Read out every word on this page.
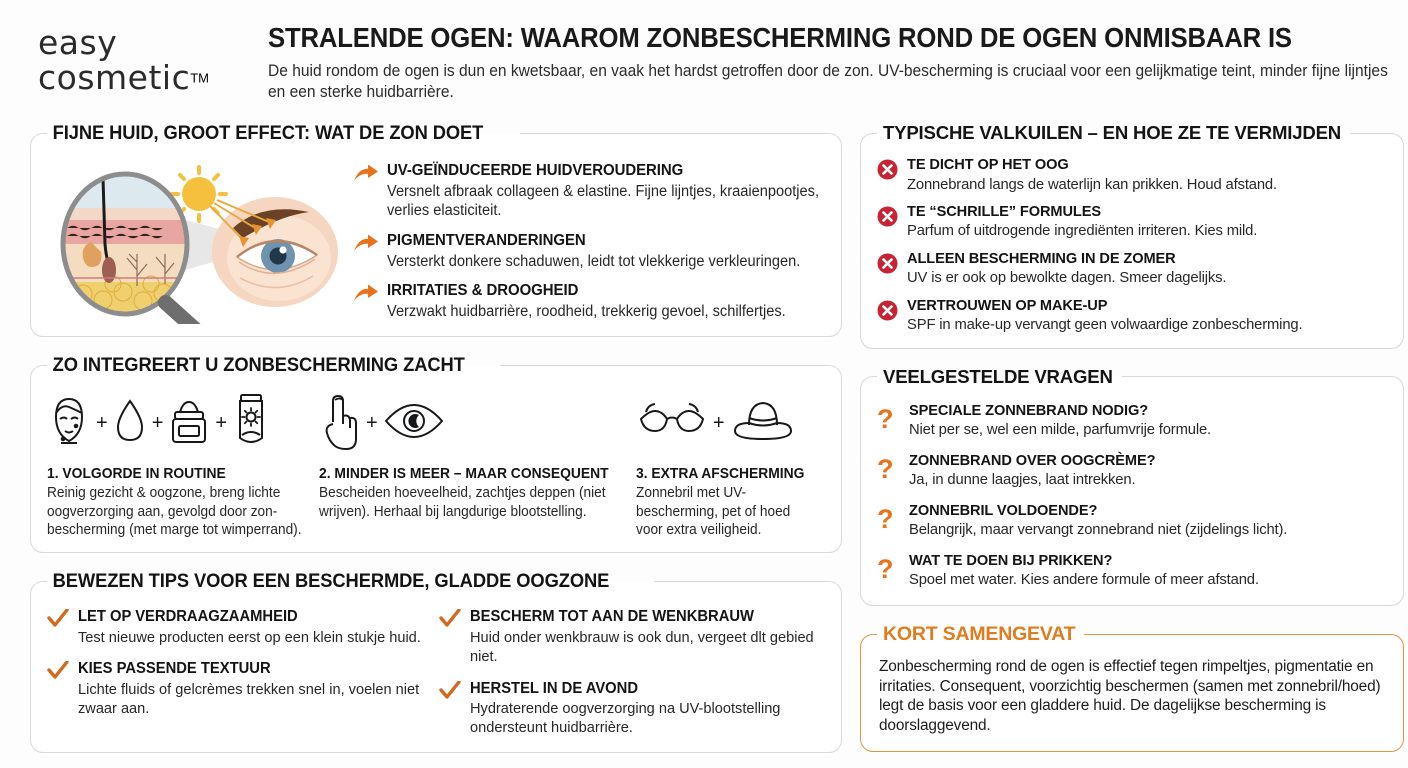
easy
cosmetic™
STRALENDE OGEN: WAAROM ZONBESCHERMING ROND DE OGEN ONMISBAAR IS
De huid rondom de ogen is dun en kwetsbaar, en vaak het hardst getroffen door de zon. UV-bescherming is cruciaal voor een gelijkmatige teint, minder fijne lijntjes en een sterke huidbarrière.
FIJNE HUID, GROOT EFFECT: WAT DE ZON DOET
UV-GEÏNDUCEERDE HUIDVEROUDERING
Versnelt afbraak collageen & elastine. Fijne lijntjes, kraaienpootjes, verlies elasticiteit.
PIGMENTVERANDERINGEN
Versterkt donkere schaduwen, leidt tot vlekkerige verkleuringen.
IRRITATIES & DROOGHEID
Verzwakt huidbarrière, roodheid, trekkerig gevoel, schilfertjes.
ZO INTEGREERT U ZONBESCHERMING ZACHT
+ +	+
1. VOLGORDE IN ROUTINE
Reinig gezicht & oogzone, breng lichte oogverzorging aan, gevolgd door zon-bescherming (met marge tot wimperrand).
+
2. MINDER IS MEER – MAAR CONSEQUENT
Bescheiden hoeveelheid, zachtjes deppen (niet wrijven). Herhaal bij langdurige blootstelling.
+
3. EXTRA AFSCHERMING
Zonnebril met UV-bescherming, pet of hoed voor extra veiligheid.
BEWEZEN TIPS VOOR EEN BESCHERMDE, GLADDE OOGZONE
LET OP VERDRAAGZAAMHEID
Test nieuwe producten eerst op een klein stukje huid.
KIES PASSENDE TEXTUUR
Lichte fluids of gelcrèmes trekken snel in, voelen niet zwaar aan.
BESCHERM TOT AAN DE WENKBRAUW
Huid onder wenkbrauw is ook dun, vergeet dlt gebied niet.
HERSTEL IN DE AVOND
Hydraterende oogverzorging na UV-blootstelling ondersteunt huidbarrière.
TYPISCHE VALKUILEN – EN HOE ZE TE VERMIJDEN
TE DICHT OP HET OOG
Zonnebrand langs de waterlijn kan prikken. Houd afstand.
TE “SCHRILLE” FORMULES
Parfum of uitdrogende ingrediënten irriteren. Kies mild.
ALLEEN BESCHERMING IN DE ZOMER
UV is er ook op bewolkte dagen. Smeer dagelijks.
VERTROUWEN OP MAKE-UP
SPF in make-up vervangt geen volwaardige zonbescherming.
VEELGESTELDE VRAGEN
? SPECIALE ZONNEBRAND NODIG?
Niet per se, wel een milde, parfumvrije formule.
? ZONNEBRAND OVER OOGCRÈME?
Ja, in dunne laagjes, laat intrekken.
? ZONNEBRIL VOLDOENDE?
Belangrijk, maar vervangt zonnebrand niet (zijdelings licht).
? WAT TE DOEN BIJ PRIKKEN?
Spoel met water. Kies andere formule of meer afstand.
KORT SAMENGEVAT
Zonbescherming rond de ogen is effectief tegen rimpeltjes, pigmentatie en irritaties. Consequent, voorzichtig beschermen (samen met zonnebril/hoed) legt de basis voor een gladdere huid. De dagelijkse bescherming is doorslaggevend.
